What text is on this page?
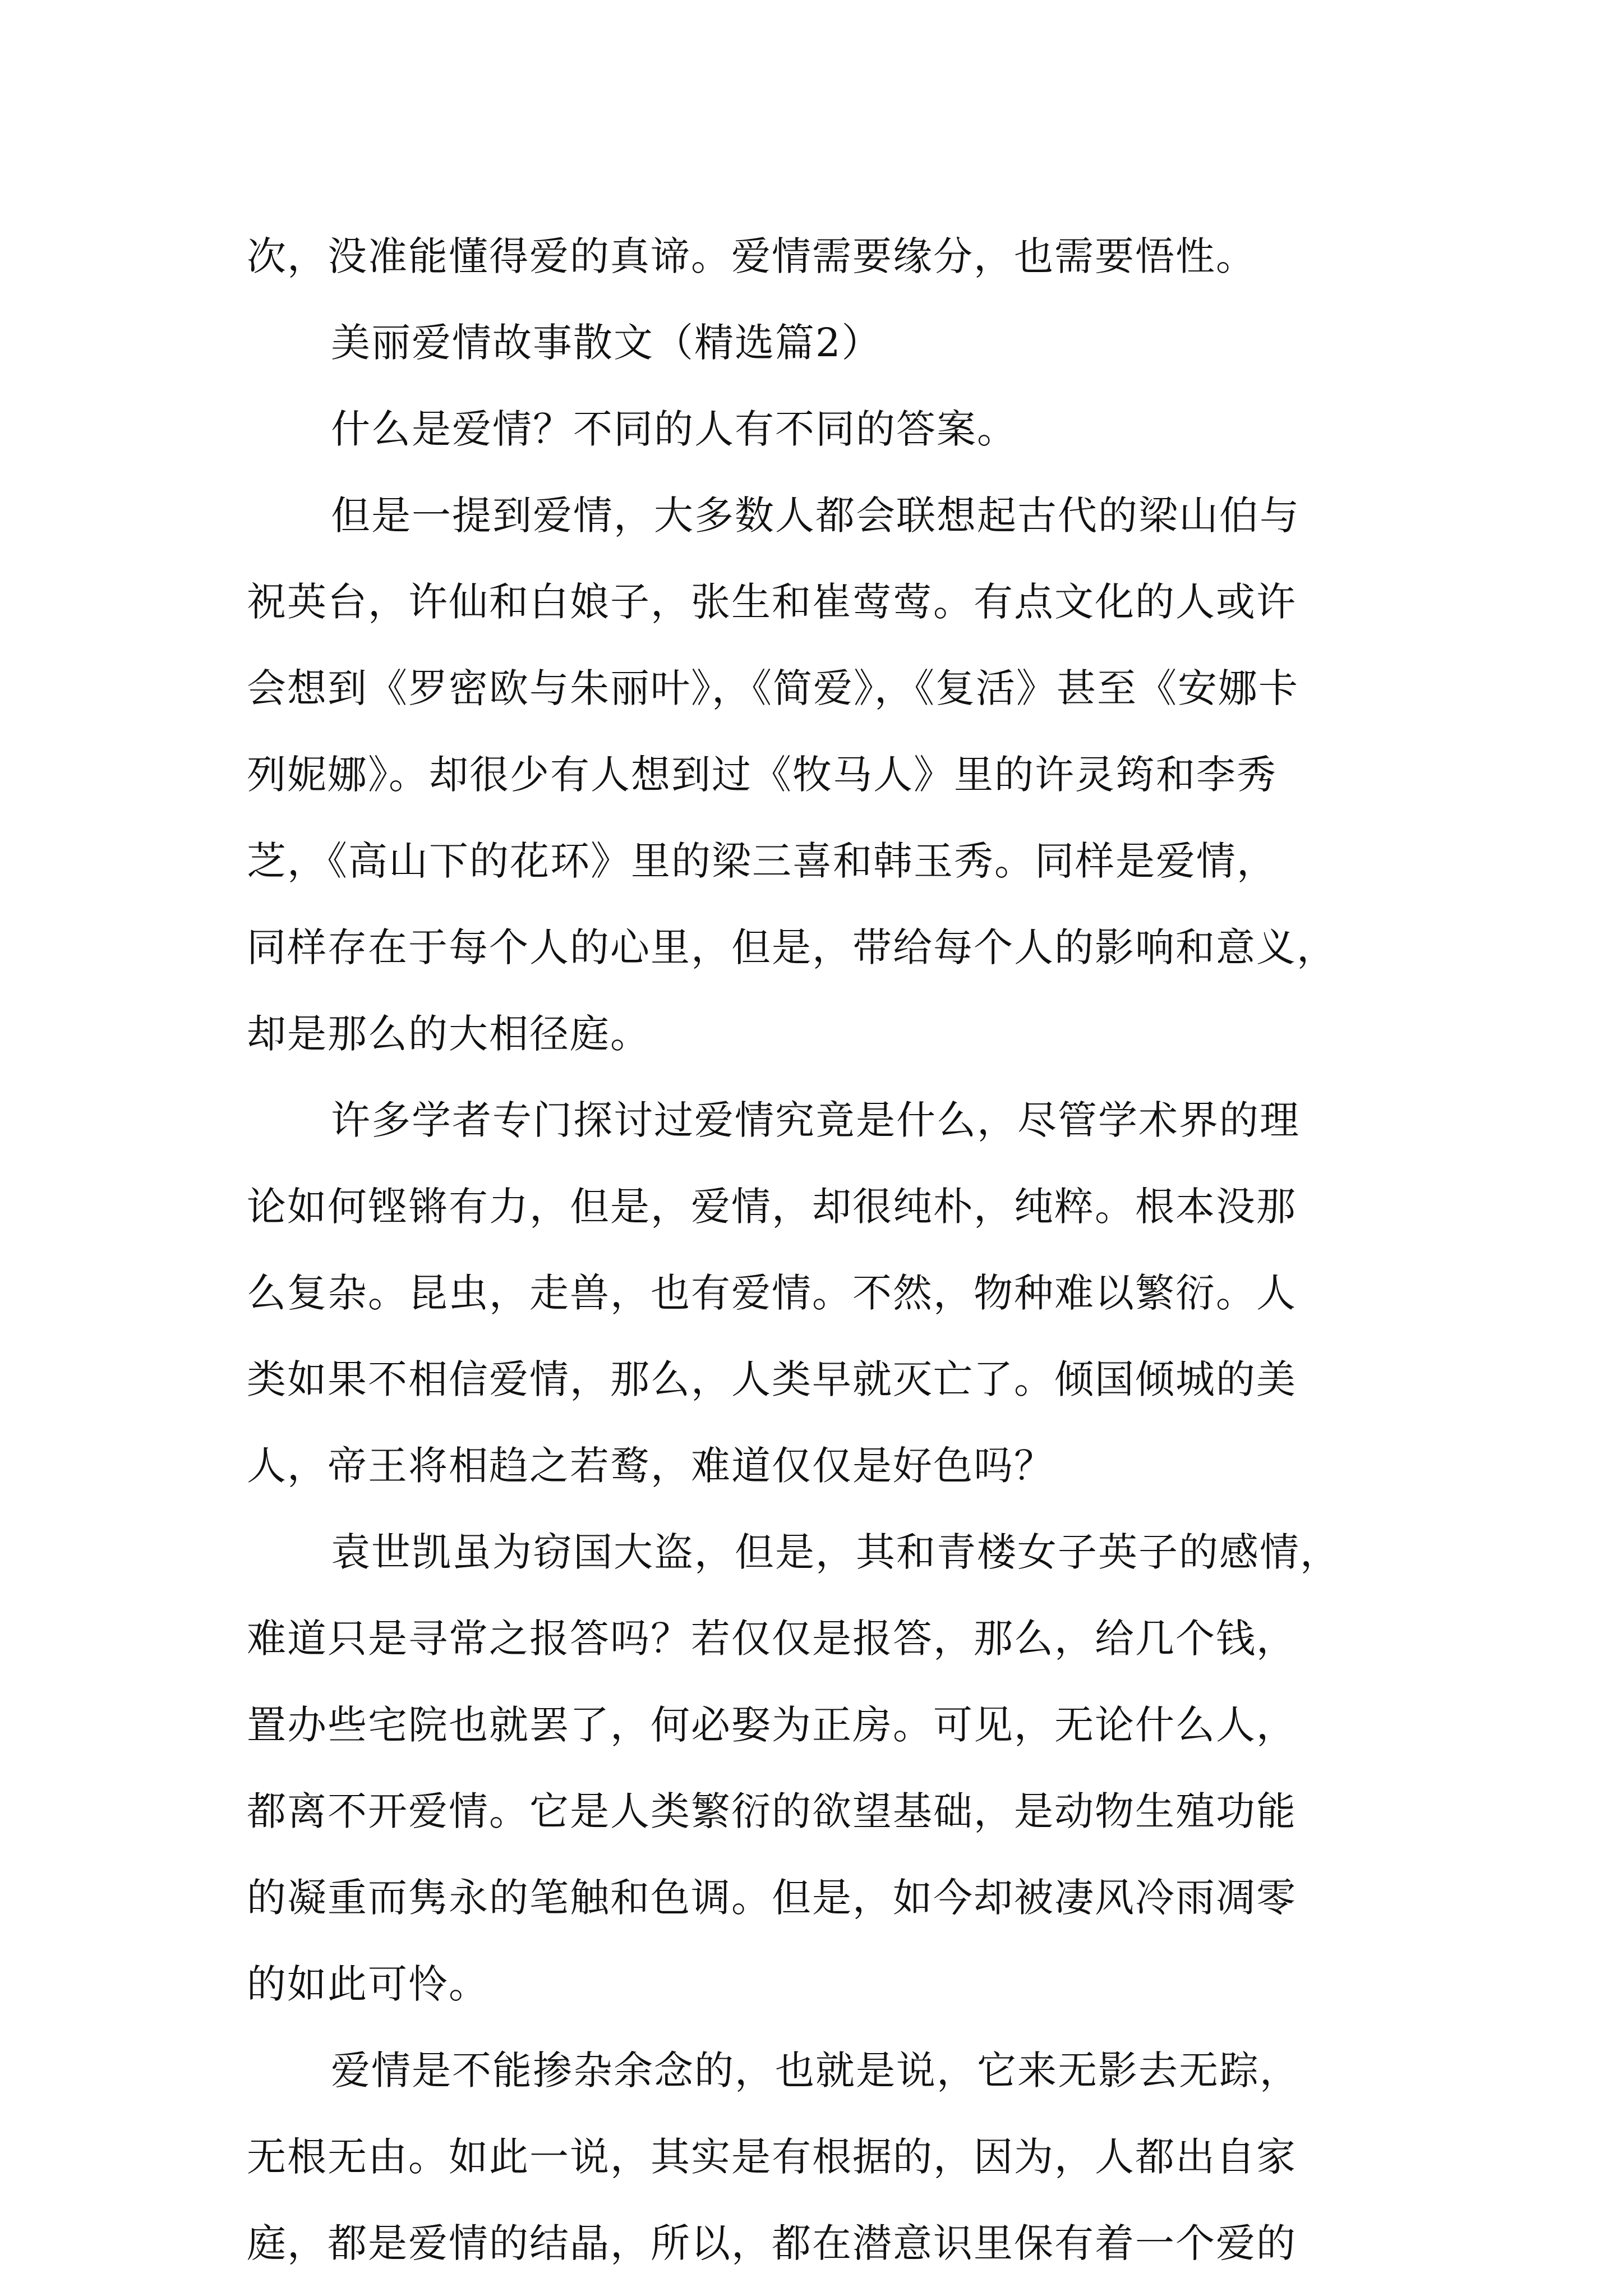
次，没准能懂得爱的真谛。爱情需要缘分，也需要悟性。
美丽爱情故事散文（精选篇2）
什么是爱情？不同的人有不同的答案。
但是一提到爱情，大多数人都会联想起古代的梁山伯与
祝英台，许仙和白娘子，张生和崔莺莺。有点文化的人或许
会想到《罗密欧与朱丽叶》，《简爱》，《复活》甚至《安娜卡
列妮娜》。却很少有人想到过《牧马人》里的许灵筠和李秀
芝，《高山下的花环》里的梁三喜和韩玉秀。同样是爱情，
同样存在于每个人的心里，但是，带给每个人的影响和意义，
却是那么的大相径庭。
许多学者专门探讨过爱情究竟是什么，尽管学术界的理
论如何铿锵有力，但是，爱情，却很纯朴，纯粹。根本没那
么复杂。昆虫，走兽，也有爱情。不然，物种难以繁衍。人
类如果不相信爱情，那么，人类早就灭亡了。倾国倾城的美
人，帝王将相趋之若鹜，难道仅仅是好色吗？
袁世凯虽为窃国大盗，但是，其和青楼女子英子的感情，
难道只是寻常之报答吗？若仅仅是报答，那么，给几个钱，
置办些宅院也就罢了，何必娶为正房。可见，无论什么人，
都离不开爱情。它是人类繁衍的欲望基础，是动物生殖功能
的凝重而隽永的笔触和色调。但是，如今却被凄风冷雨凋零
的如此可怜。
爱情是不能掺杂余念的，也就是说，它来无影去无踪，
无根无由。如此一说，其实是有根据的，因为，人都出自家
庭，都是爱情的结晶，所以，都在潜意识里保有着一个爱的
